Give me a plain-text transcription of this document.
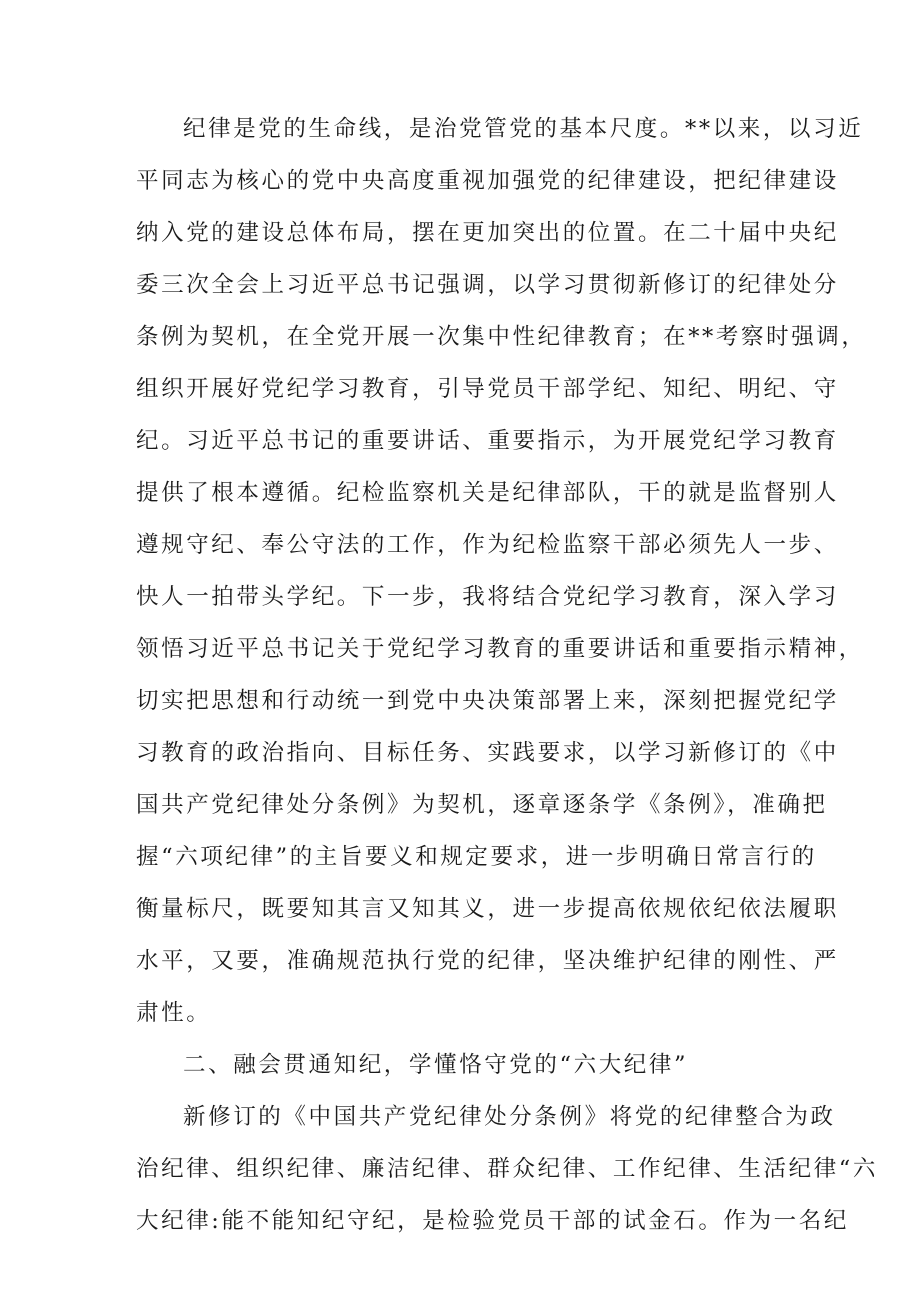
纪律是党的生命线，是治党管党的基本尺度。**以来，以习近

平同志为核心的党中央高度重视加强党的纪律建设，把纪律建设

纳入党的建设总体布局，摆在更加突出的位置。在二十届中央纪

委三次全会上习近平总书记强调，以学习贯彻新修订的纪律处分

条例为契机，在全党开展一次集中性纪律教育；在**考察时强调，

组织开展好党纪学习教育，引导党员干部学纪、知纪、明纪、守

纪。习近平总书记的重要讲话、重要指示，为开展党纪学习教育

提供了根本遵循。纪检监察机关是纪律部队，干的就是监督别人

遵规守纪、奉公守法的工作，作为纪检监察干部必须先人一步、

快人一拍带头学纪。下一步，我将结合党纪学习教育，深入学习

领悟习近平总书记关于党纪学习教育的重要讲话和重要指示精神，

切实把思想和行动统一到党中央决策部署上来，深刻把握党纪学

习教育的政治指向、目标任务、实践要求，以学习新修订的《中

国共产党纪律处分条例》为契机，逐章逐条学《条例》，准确把

握“六项纪律”的主旨要义和规定要求，进一步明确日常言行的

衡量标尺，既要知其言又知其义，进一步提高依规依纪依法履职

水平，又要，准确规范执行党的纪律，坚决维护纪律的刚性、严

肃性。

二、融会贯通知纪，学懂恪守党的“六大纪律”

新修订的《中国共产党纪律处分条例》将党的纪律整合为政

治纪律、组织纪律、廉洁纪律、群众纪律、工作纪律、生活纪律“六

大纪律:能不能知纪守纪，是检验党员干部的试金石。作为一名纪
